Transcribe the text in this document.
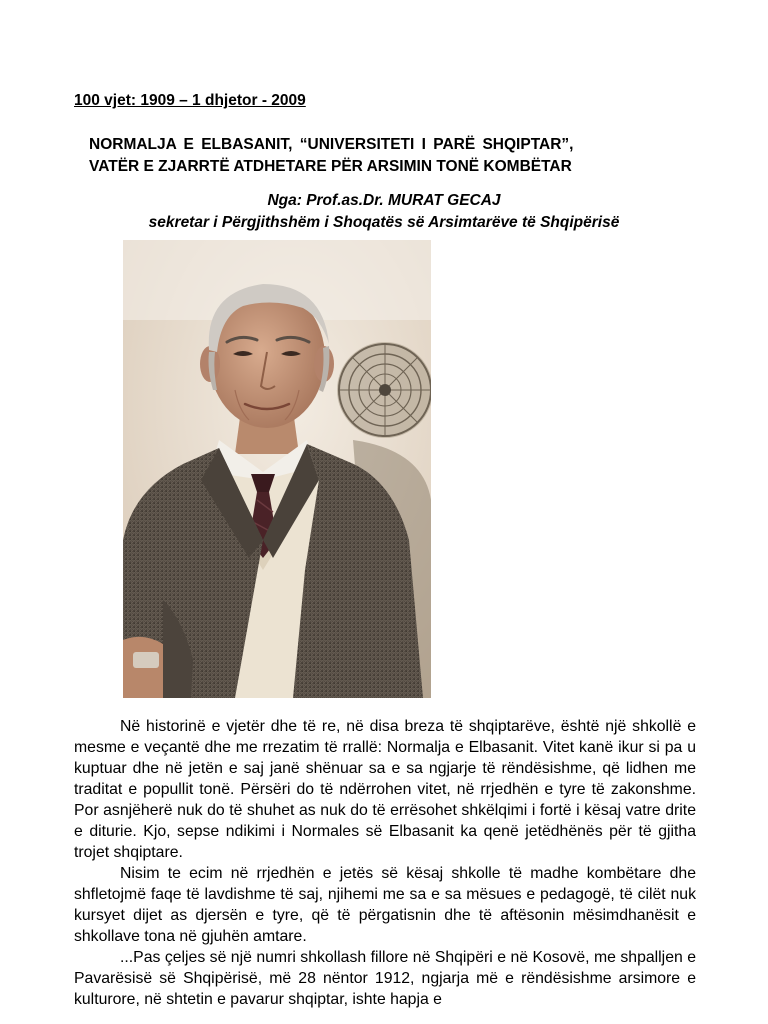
100 vjet: 1909 – 1 dhjetor - 2009
NORMALJA E ELBASANIT, “UNIVERSITETI I PARË SHQIPTAR”,
VATËR E ZJARRTË ATDHETARE PËR ARSIMIN TONË KOMBËTAR
Nga: Prof.as.Dr. MURAT GECAJ
sekretar i Përgjithshëm i Shoqatës së Arsimtarëve të Shqipërisë

Në historinë e vjetër dhe të re, në disa breza të shqiptarëve, është një shkollë e mesme e veçantë dhe me rrezatim të rrallë: Normalja e Elbasanit. Vitet kanë ikur si pa u kuptuar dhe në jetën e saj janë shënuar sa e sa ngjarje të rëndësishme, që lidhen me traditat e popullit tonë. Përsëri do të ndërrohen vitet, në rrjedhën e tyre të zakonshme. Por asnjëherë nuk do të shuhet as nuk do të errësohet shkëlqimi i fortë i kësaj vatre drite e diturie. Kjo, sepse ndikimi i Normales së Elbasanit ka qenë jetëdhënës për të gjitha trojet shqiptare.

Nisim te ecim në rrjedhën e jetës së kësaj shkolle të madhe kombëtare dhe shfletojmë faqe të lavdishme të saj, njihemi me sa e sa mësues e pedagogë, të cilët nuk kursyet dijet as djersën e tyre, që të përgatisnin dhe të aftësonin mësimdhanësit e shkollave tona në gjuhën amtare.

...Pas çeljes së një numri shkollash fillore në Shqipëri e në Kosovë, me shpalljen e Pavarësisë së Shqipërisë, më 28 nëntor 1912, ngjarja më e rëndësishme arsimore e kulturore, në shtetin e pavarur shqiptar, ishte hapja e
